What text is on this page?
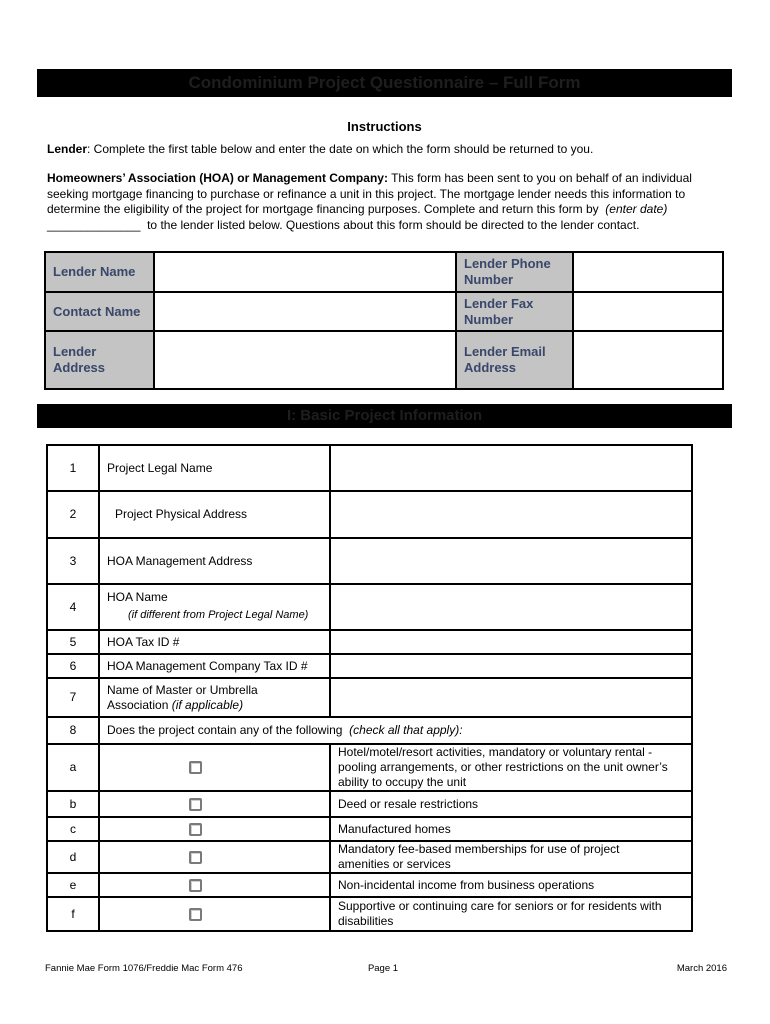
Condominium Project Questionnaire – Full Form
Instructions
Lender: Complete the first table below and enter the date on which the form should be returned to you.
Homeowners’ Association (HOA) or Management Company: This form has been sent to you on behalf of an individual
seeking mortgage financing to purchase or refinance a unit in this project. The mortgage lender needs this information to
determine the eligibility of the project for mortgage financing purposes. Complete and return this form by (enter date)
______________  to the lender listed below. Questions about this form should be directed to the lender contact.
Lender Name		Lender Phone Number	
Contact Name		Lender Fax Number	
Lender Address		Lender Email Address	
I: Basic Project Information
1	Project Legal Name	
2	Project Physical Address	
3	HOA Management Address	
4	HOA Name
(if different from Project Legal Name)	

5	HOA Tax ID #	
6	HOA Management Company Tax ID #	
7	Name of Master or Umbrella Association (if applicable)	
8	Does the project contain any of the following (check all that apply):	
a		Hotel/motel/resort activities, mandatory or voluntary rental -
pooling arrangements, or other restrictions on the unit owner’s
ability to occupy the unit

b		Deed or resale restrictions

c		Manufactured homes

d		Mandatory fee-based memberships for use of project
amenities or services

e		Non-incidental income from business operations

f		Supportive or continuing care for seniors or for residents with
disabilities
Fannie Mae Form 1076/Freddie Mac Form 476	Page 1	March 2016
